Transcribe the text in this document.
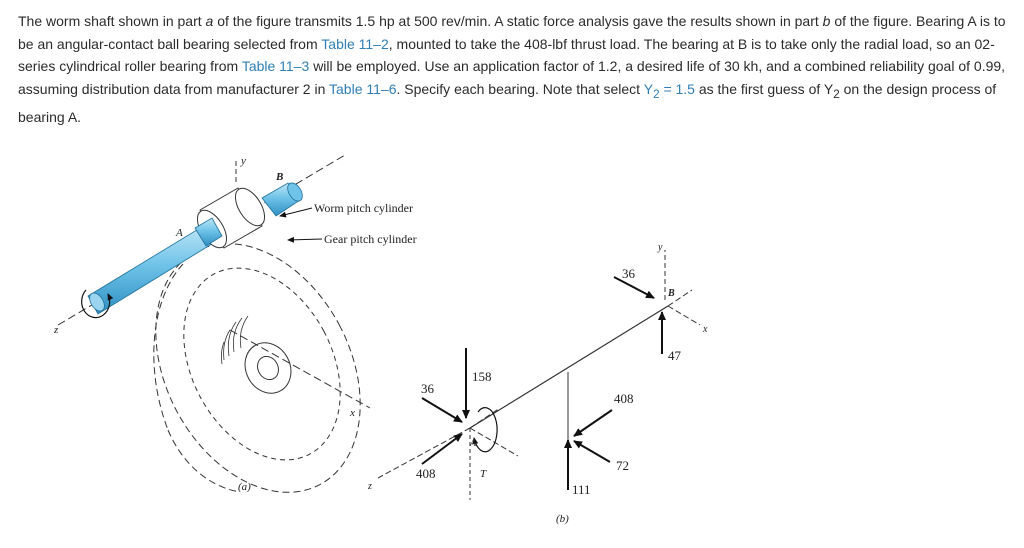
The worm shaft shown in part a of the figure transmits 1.5 hp at 500 rev/min. A static force analysis gave the results shown in part b of the figure. Bearing A is to be an angular-contact ball bearing selected from Table 11–2, mounted to take the 408-lbf thrust load. The bearing at B is to take only the radial load, so an 02-series cylindrical roller bearing from Table 11–3 will be employed. Use an application factor of 1.2, a desired life of 30 kh, and a combined reliability goal of 0.99, assuming distribution data from manufacturer 2 in Table 11–6. Specify each bearing. Note that select $Y_2 = 1.5$ as the first guess of $Y_2$ on the design process of bearing A.
x
y
z
A
B
Worm pitch cylinder
Gear pitch cylinder
(a)
36
47
408
72
111
158
36
408	T
A
B
y
x
z
(b)
